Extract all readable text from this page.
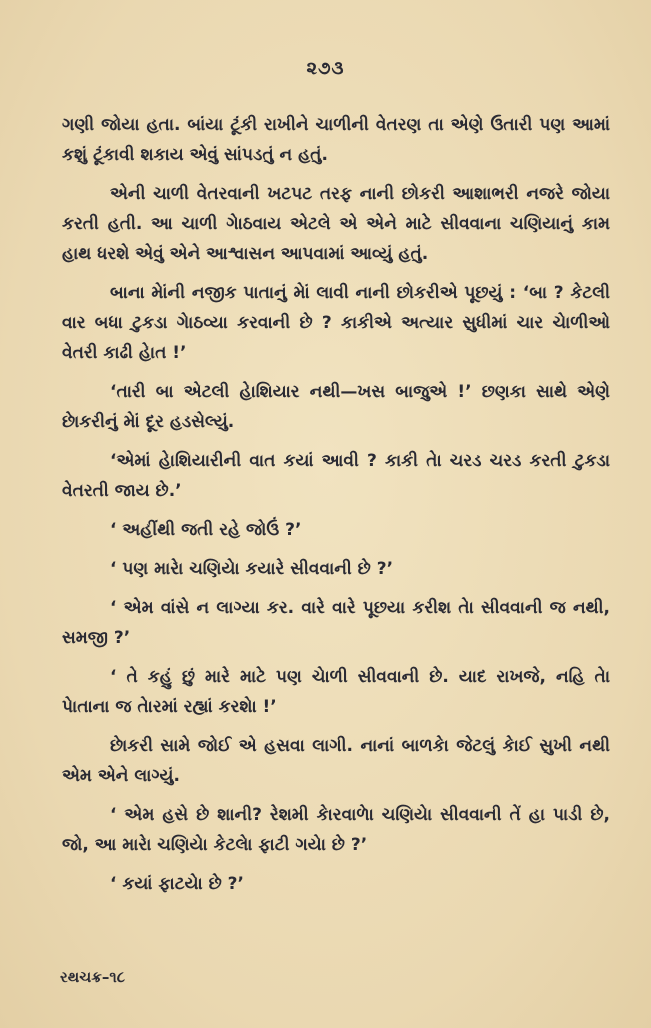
૨૭૩

ગણી જોયા હતા. બાંયા ટૂંકી રાખીને ચાળીની વેતરણ તા એણે ઉતારી પણ આમાં કશું ટૂંકાવી શકાય એવું સાંપડતું ન હતું.

એની ચાળી વેતરવાની ખટપટ તરફ નાની છોકરી આશાભરી નજરે જોયા કરતી હતી. આ ચાળી ગાેઠવાય એટલે એ એને માટે સીવવાના ચણિયાનું કામ હાથ ધરશે એવું એને આશ્વાસન આપવામાં આવ્યું હતું.

બાના માેંની નજીક પાતાનું માેં લાવી નાની છોકરીએ પૂછયું : ‘બા ? કેટલી વાર બધા ટુકડા ગાેઠવ્યા કરવાની છે ? કાકીએ અત્યાર સુધીમાં ચાર ચાેળીઓ વેતરી કાઢી હાેત !’

‘તારી બા એટલી હાેશિયાર નથી—ખસ બાજુએ !’ છણકા સાથે એણે છાેકરીનું માેં દૂર હડસેલ્યું.

‘એમાં હાેશિયારીની વાત કયાં આવી ? કાકી તાે ચરડ ચરડ કરતી ટુકડા વેતરતી જાય છે.’

‘ અહીંથી જતી રહે જોઉં ?’

‘ પણ મારાે ચણિયાે કયારે સીવવાની છે ?’

‘ એમ વાંસે ન લાગ્યા કર. વારે વારે પૂછયા કરીશ તાે સીવવાની જ નથી, સમજી ?’

‘ તે કહું છું મારે માટે પણ ચાેળી સીવવાની છે. યાદ રાખજે, નહિ તાે પાેતાના જ તાેરમાં રહ્યાં કરશાે !’

છાેકરી સામે જોઈ એ હસવા લાગી. નાનાં બાળકાે જેટલું કાેઈ સુખી નથી એમ એને લાગ્યું.

‘ એમ હસે છે શાની? રેશમી કાેરવાળાે ચણિયાે સીવવાની તેં હા પાડી છે, જો, આ મારાે ચણિયાે કેટલાે ફાટી ગયાે છે ?’

‘ કયાં ફાટયાે છે ?’

રથચક્ર–૧૮
